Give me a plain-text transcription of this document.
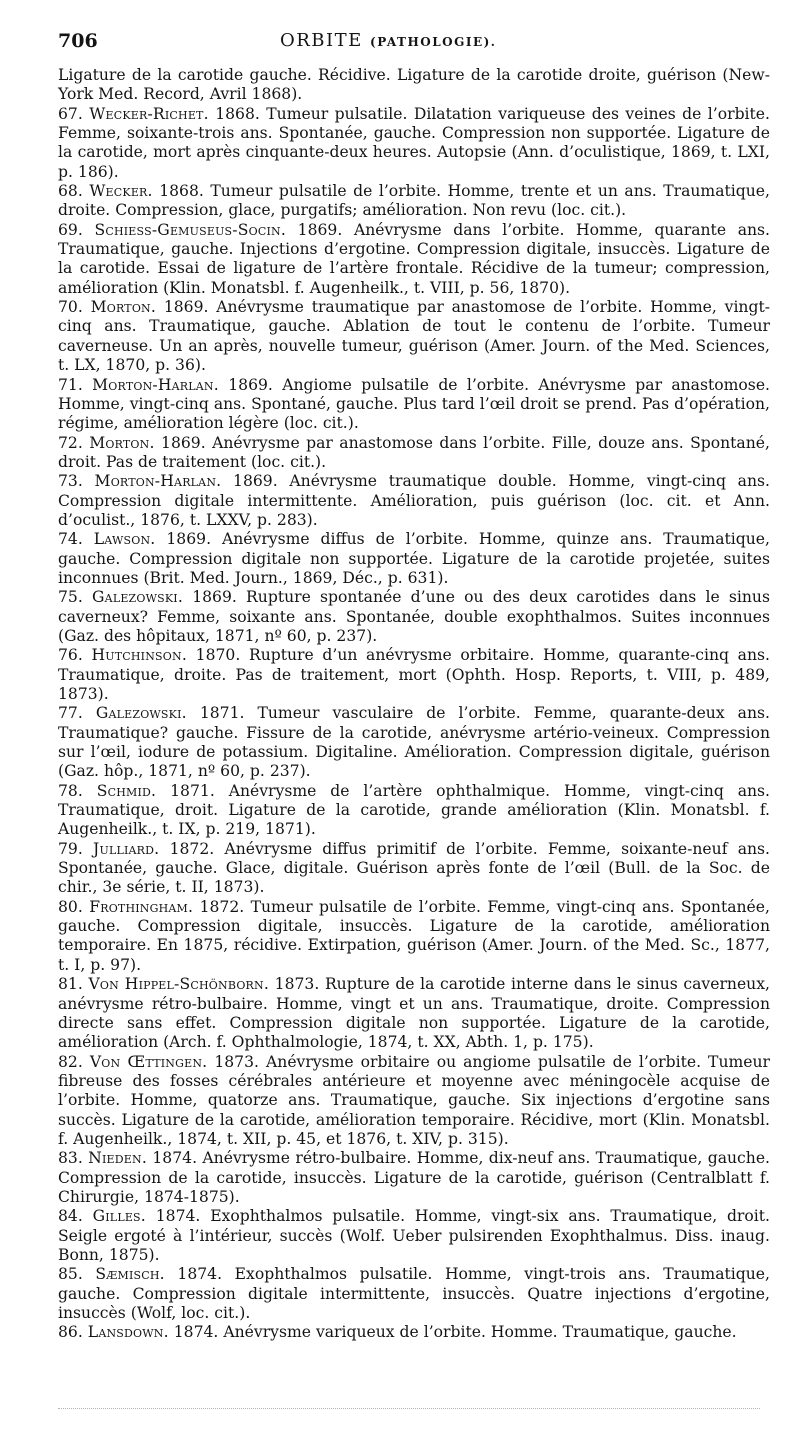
706	ORBITE (PATHOLOGIE).

Ligature de la carotide gauche. Récidive. Ligature de la carotide droite, guérison (New-York Med. Record, Avril 1868).

67. Wecker-Richet. 1868. Tumeur pulsatile. Dilatation variqueuse des veines de l’orbite. Femme, soixante-trois ans. Spontanée, gauche. Compression non supportée. Ligature de la carotide, mort après cinquante-deux heures. Autopsie (Ann. d’oculistique, 1869, t. LXI, p. 186).

68. Wecker. 1868. Tumeur pulsatile de l’orbite. Homme, trente et un ans. Traumatique, droite. Compression, glace, purgatifs; amélioration. Non revu (loc. cit.).

69. Schiess-Gemuseus-Socin. 1869. Anévrysme dans l’orbite. Homme, quarante ans. Traumatique, gauche. Injections d’ergotine. Compression digitale, insuccès. Ligature de la carotide. Essai de ligature de l’artère frontale. Récidive de la tumeur; compression, amélioration (Klin. Monatsbl. f. Augenheilk., t. VIII, p. 56, 1870).

70. Morton. 1869. Anévrysme traumatique par anastomose de l’orbite. Homme, vingt-cinq ans. Traumatique, gauche. Ablation de tout le contenu de l’orbite. Tumeur caverneuse. Un an après, nouvelle tumeur, guérison (Amer. Journ. of the Med. Sciences, t. LX, 1870, p. 36).

71. Morton-Harlan. 1869. Angiome pulsatile de l’orbite. Anévrysme par anastomose. Homme, vingt-cinq ans. Spontané, gauche. Plus tard l’œil droit se prend. Pas d’opération, régime, amélioration légère (loc. cit.).

72. Morton. 1869. Anévrysme par anastomose dans l’orbite. Fille, douze ans. Spontané, droit. Pas de traitement (loc. cit.).

73. Morton-Harlan. 1869. Anévrysme traumatique double. Homme, vingt-cinq ans. Compression digitale intermittente. Amélioration, puis guérison (loc. cit. et Ann. d’oculist., 1876, t. LXXV, p. 283).

74. Lawson. 1869. Anévrysme diffus de l’orbite. Homme, quinze ans. Traumatique, gauche. Compression digitale non supportée. Ligature de la carotide projetée, suites inconnues (Brit. Med. Journ., 1869, Déc., p. 631).

75. Galezowski. 1869. Rupture spontanée d’une ou des deux carotides dans le sinus caverneux? Femme, soixante ans. Spontanée, double exophthalmos. Suites inconnues (Gaz. des hôpitaux, 1871, nº 60, p. 237).

76. Hutchinson. 1870. Rupture d’un anévrysme orbitaire. Homme, quarante-cinq ans. Traumatique, droite. Pas de traitement, mort (Ophth. Hosp. Reports, t. VIII, p. 489, 1873).

77. Galezowski. 1871. Tumeur vasculaire de l’orbite. Femme, quarante-deux ans. Traumatique? gauche. Fissure de la carotide, anévrysme artério-veineux. Compression sur l’œil, iodure de potassium. Digitaline. Amélioration. Compression digitale, guérison (Gaz. hôp., 1871, nº 60, p. 237).

78. Schmid. 1871. Anévrysme de l’artère ophthalmique. Homme, vingt-cinq ans. Traumatique, droit. Ligature de la carotide, grande amélioration (Klin. Monatsbl. f. Augenheilk., t. IX, p. 219, 1871).

79. Julliard. 1872. Anévrysme diffus primitif de l’orbite. Femme, soixante-neuf ans. Spontanée, gauche. Glace, digitale. Guérison après fonte de l’œil (Bull. de la Soc. de chir., 3e série, t. II, 1873).

80. Frothingham. 1872. Tumeur pulsatile de l’orbite. Femme, vingt-cinq ans. Spontanée, gauche. Compression digitale, insuccès. Ligature de la carotide, amélioration temporaire. En 1875, récidive. Extirpation, guérison (Amer. Journ. of the Med. Sc., 1877, t. I, p. 97).

81. Von Hippel-Schönborn. 1873. Rupture de la carotide interne dans le sinus caverneux, anévrysme rétro-bulbaire. Homme, vingt et un ans. Traumatique, droite. Compression directe sans effet. Compression digitale non supportée. Ligature de la carotide, amélioration (Arch. f. Ophthalmologie, 1874, t. XX, Abth. 1, p. 175).

82. Von Œttingen. 1873. Anévrysme orbitaire ou angiome pulsatile de l’orbite. Tumeur fibreuse des fosses cérébrales antérieure et moyenne avec méningocèle acquise de l’orbite. Homme, quatorze ans. Traumatique, gauche. Six injections d’ergotine sans succès. Ligature de la carotide, amélioration temporaire. Récidive, mort (Klin. Monatsbl. f. Augenheilk., 1874, t. XII, p. 45, et 1876, t. XIV, p. 315).

83. Nieden. 1874. Anévrysme rétro-bulbaire. Homme, dix-neuf ans. Traumatique, gauche. Compression de la carotide, insuccès. Ligature de la carotide, guérison (Centralblatt f. Chirurgie, 1874-1875).

84. Gilles. 1874. Exophthalmos pulsatile. Homme, vingt-six ans. Traumatique, droit. Seigle ergoté à l’intérieur, succès (Wolf. Ueber pulsirenden Exophthalmus. Diss. inaug. Bonn, 1875).

85. Sæmisch. 1874. Exophthalmos pulsatile. Homme, vingt-trois ans. Traumatique, gauche. Compression digitale intermittente, insuccès. Quatre injections d’ergotine, insuccès (Wolf, loc. cit.).

86. Lansdown. 1874. Anévrysme variqueux de l’orbite. Homme. Traumatique, gauche.
